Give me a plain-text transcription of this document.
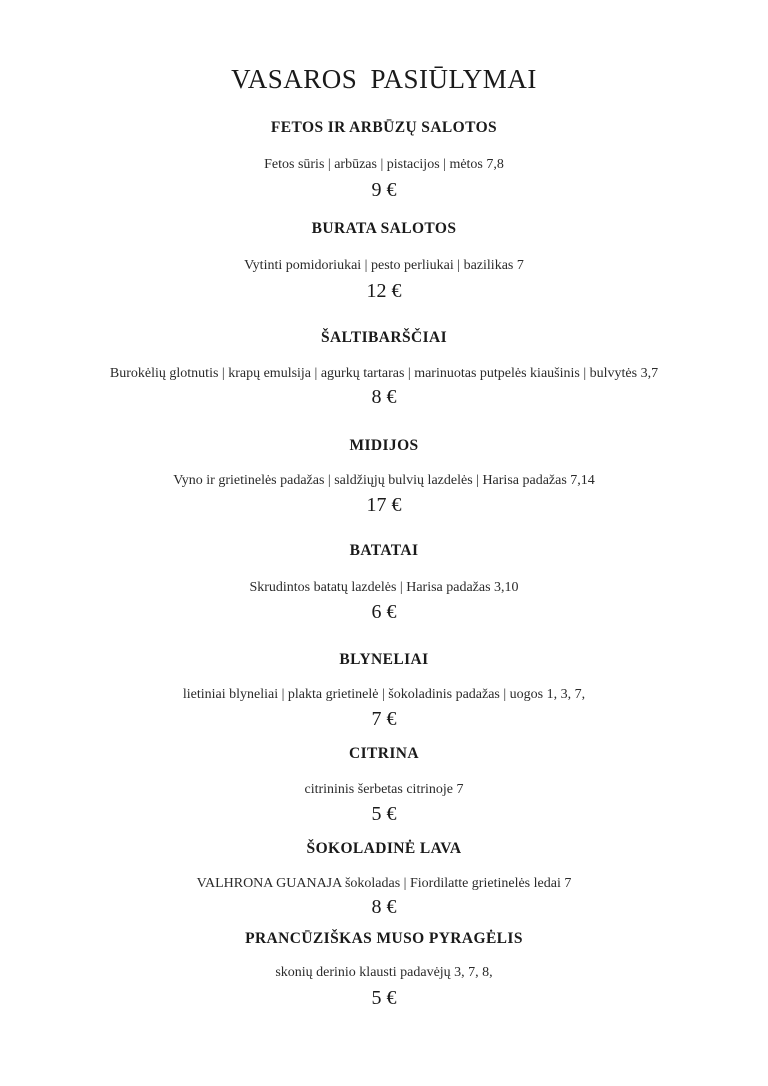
VASAROS PASIŪLYMAI
FETOS IR ARBŪZŲ SALOTOS
Fetos sūris | arbūzas | pistacijos | mėtos 7,8
9 €
BURATA SALOTOS
Vytinti pomidoriukai | pesto perliukai | bazilikas 7
12 €
ŠALTIBARŠČIAI
Burokėlių glotnutis | krapų emulsija | agurkų tartaras | marinuotas putpelės kiaušinis | bulvytės 3,7
8 €
MIDIJOS
Vyno ir grietinelės padažas | saldžiųjų bulvių lazdelės | Harisa padažas 7,14
17 €
BATATAI
Skrudintos batatų lazdelės | Harisa padažas 3,10
6 €
BLYNELIAI
lietiniai blyneliai | plakta grietinelė | šokoladinis padažas | uogos 1, 3, 7,
7 €
CITRINA
citrininis šerbetas citrinoje 7
5 €
ŠOKOLADINĖ LAVA
VALHRONA GUANAJA šokoladas | Fiordilatte grietinelės ledai 7
8 €
PRANCŪZIŠKAS MUSO PYRAGĖLIS
skonių derinio klausti padavėjų 3, 7, 8,
5 €
